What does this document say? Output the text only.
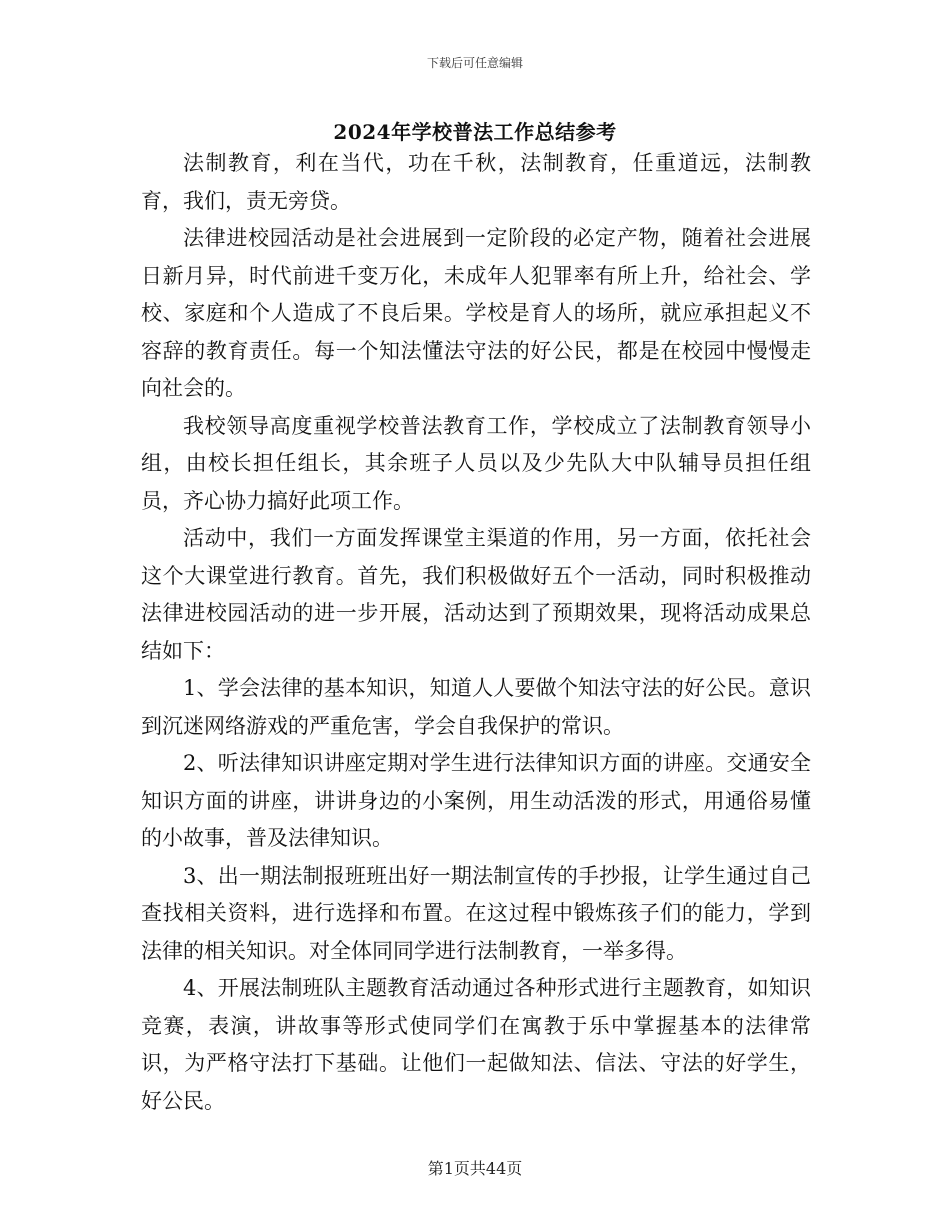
下载后可任意编辑
2024年学校普法工作总结参考

法制教育，利在当代，功在千秋，法制教育，任重道远，法制教育，我们，责无旁贷。

法律进校园活动是社会进展到一定阶段的必定产物，随着社会进展日新月异，时代前进千变万化，未成年人犯罪率有所上升，给社会、学校、家庭和个人造成了不良后果。学校是育人的场所，就应承担起义不容辞的教育责任。每一个知法懂法守法的好公民，都是在校园中慢慢走向社会的。

我校领导高度重视学校普法教育工作，学校成立了法制教育领导小组，由校长担任组长，其余班子人员以及少先队大中队辅导员担任组员，齐心协力搞好此项工作。

活动中，我们一方面发挥课堂主渠道的作用，另一方面，依托社会这个大课堂进行教育。首先，我们积极做好五个一活动，同时积极推动法律进校园活动的进一步开展，活动达到了预期效果，现将活动成果总结如下：

1、学会法律的基本知识，知道人人要做个知法守法的好公民。意识到沉迷网络游戏的严重危害，学会自我保护的常识。

2、听法律知识讲座定期对学生进行法律知识方面的讲座。交通安全知识方面的讲座，讲讲身边的小案例，用生动活泼的形式，用通俗易懂的小故事，普及法律知识。

3、出一期法制报班班出好一期法制宣传的手抄报，让学生通过自己查找相关资料，进行选择和布置。在这过程中锻炼孩子们的能力，学到法律的相关知识。对全体同同学进行法制教育，一举多得。

4、开展法制班队主题教育活动通过各种形式进行主题教育，如知识竞赛，表演，讲故事等形式使同学们在寓教于乐中掌握基本的法律常识，为严格守法打下基础。让他们一起做知法、信法、守法的好学生，好公民。

第1页共44页
